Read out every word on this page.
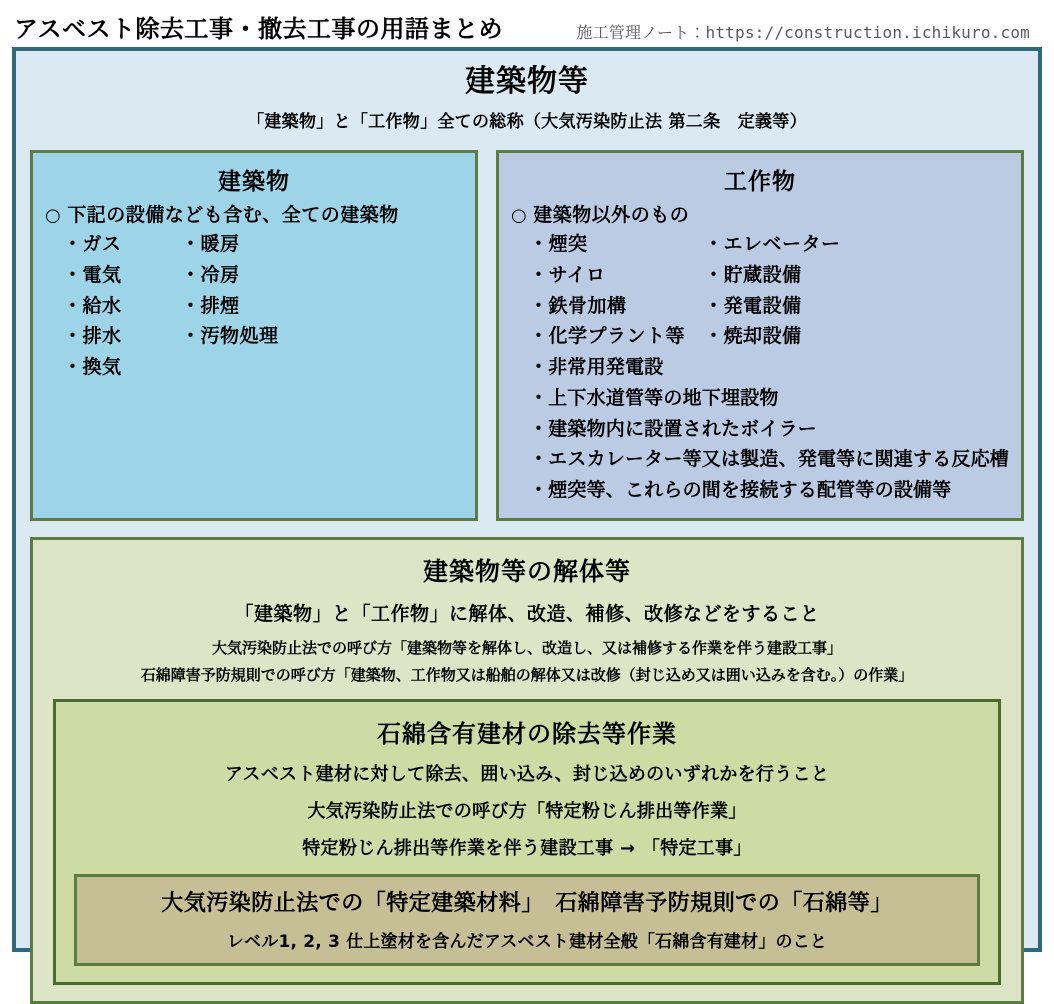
アスベスト除去工事・撤去工事の用語まとめ	施工管理ノート：https://construction.ichikuro.com
建築物等
「建築物」と「工作物」全ての総称（大気汚染防止法 第二条　定義等）
建築物
○ 下記の設備なども含む、全ての建築物
・ガス	・暖房
・電気	・冷房
・給水	・排煙
・排水	・汚物処理
・換気
工作物
○ 建築物以外のもの
・煙突	・エレベーター
・サイロ	・貯蔵設備
・鉄骨加構	・発電設備
・化学プラント等 ・焼却設備
・非常用発電設
・上下水道管等の地下埋設物
・建築物内に設置されたボイラー
・エスカレーター等又は製造、発電等に関連する反応槽
・煙突等、これらの間を接続する配管等の設備等
建築物等の解体等
「建築物」と「工作物」に解体、改造、補修、改修などをすること
大気汚染防止法での呼び方「建築物等を解体し、改造し、又は補修する作業を伴う建設工事」
石綿障害予防規則での呼び方「建築物、工作物又は船舶の解体又は改修（封じ込め又は囲い込みを含む。）の作業」
石綿含有建材の除去等作業
アスベスト建材に対して除去、囲い込み、封じ込めのいずれかを行うこと
大気汚染防止法での呼び方「特定粉じん排出等作業」
特定粉じん排出等作業を伴う建設工事 → 「特定工事」
大気汚染防止法での「特定建築材料」　石綿障害予防規則での「石綿等」
レベル1, 2, 3 仕上塗材を含んだアスベスト建材全般「石綿含有建材」のこと
